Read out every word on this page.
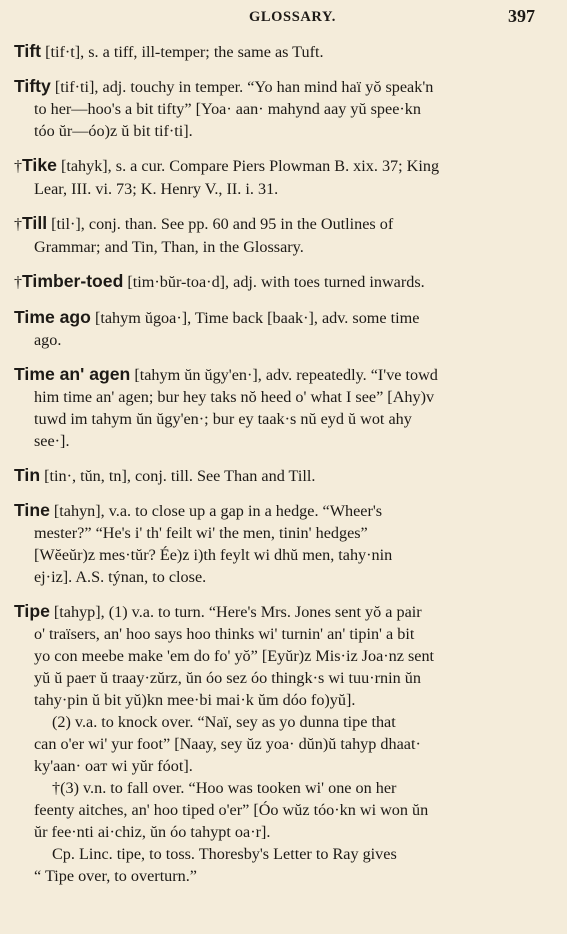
GLOSSARY.	397
Tift [tif·t], s. a tiff, ill-temper; the same as Tuft.
Tifty [tif·ti], adj. touchy in temper. “Yo han mind haï yŏ speak'n
to her—hoo's a bit tifty” [Yoa· aan· mahynd aay yŭ spee·kn
tóo ŭr—óo)z ŭ bit tif·ti].
†Tike [tahyk], s. a cur. Compare Piers Plowman B. xix. 37; King
Lear, III. vi. 73; K. Henry V., II. i. 31.
†Till [til·], conj. than. See pp. 60 and 95 in the Outlines of
Grammar; and Tin, Than, in the Glossary.
†Timber-toed [tim·bŭr-toa·d], adj. with toes turned inwards.
Time ago [tahym ŭgoa·], Time back [baak·], adv. some time
ago.
Time an' agen [tahym ŭn ŭgy'en·], adv. repeatedly. “I've towd
him time an' agen; bur hey taks nŏ heed o' what I see” [Ahy)v
tuwd im tahym ŭn ŭgy'en·; bur ey taak·s nŭ eyd ŭ wot ahy
see·].
Tin [tin·, tŭn, tn], conj. till. See Than and Till.
Tine [tahyn], v.a. to close up a gap in a hedge. “Wheer's
mester?” “He's i' th' feilt wi' the men, tinin' hedges”
[Wĕeŭr)z mes·tŭr? Ée)z i)th feylt wi dhŭ men, tahy·nin
ej·iz]. A.S. týnan, to close.
Tipe [tahyp], (1) v.a. to turn. “Here's Mrs. Jones sent yŏ a pair
o' traïsers, an' hoo says hoo thinks wi' turnin' an' tipin' a bit
yo con meebe make 'em do fo' yŏ” [Eyŭr)z Mis·iz Joa·nz sent
yŭ ŭ paeᴛ ŭ traay·zŭrz, ŭn óo sez óo thingk·s wi tuu·rnin ŭn
tahy·pin ŭ bit yŭ)kn mee·bi mai·k ŭm dóo fo)yŭ].
(2) v.a. to knock over. “Naï, sey as yo dunna tipe that
can o'er wi' yur foot” [Naay, sey ŭz yoa· dŭn)ŭ tahyp dhaat·
ky'aan· oaᴛ wi yŭr fóot].
†(3) v.n. to fall over. “Hoo was tooken wi' one on her
feenty aitches, an' hoo tiped o'er” [Óo wŭz tóo·kn wi won ŭn
ŭr fee·nti ai·chiz, ŭn óo tahypt oa·r].
Cp. Linc. tipe, to toss. Thoresby's Letter to Ray gives
“ Tipe over, to overturn.”
